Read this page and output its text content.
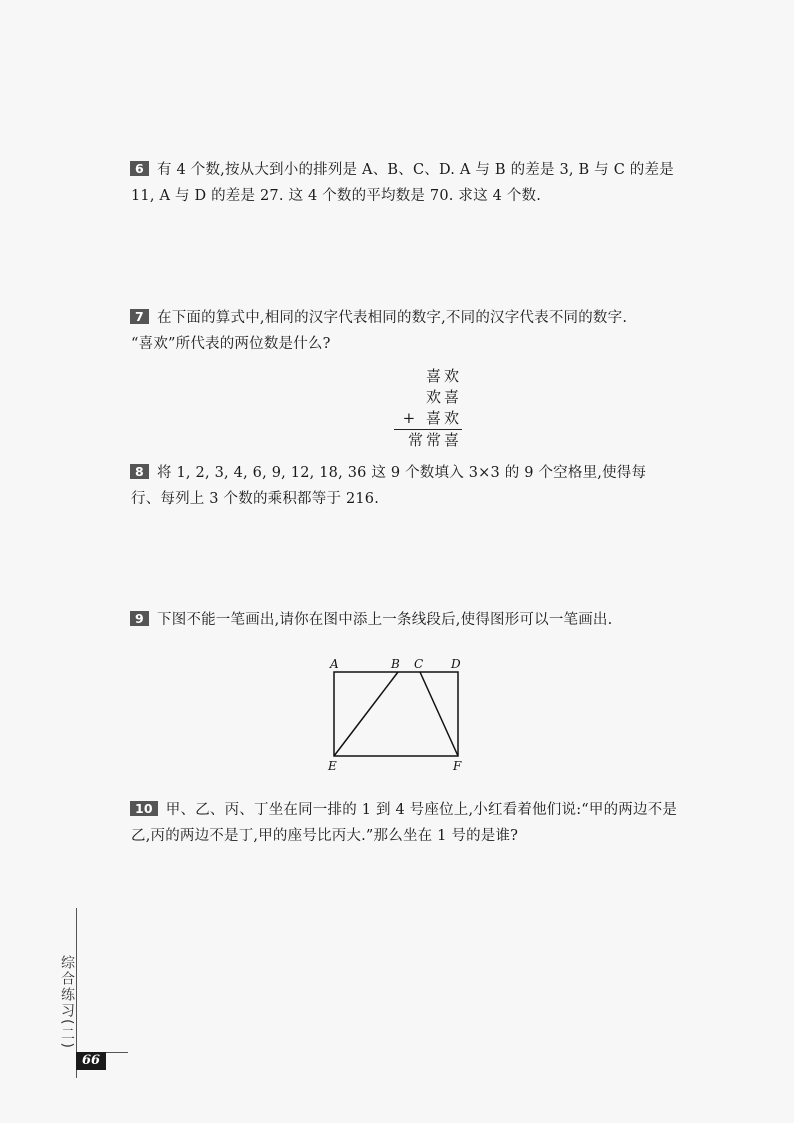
6 有 4 个数,按从大到小的排列是 A、B、C、D. A 与 B 的差是 3, B 与 C 的差是
11, A 与 D 的差是 27. 这 4 个数的平均数是 70. 求这 4 个数.
7 在下面的算式中,相同的汉字代表相同的数字,不同的汉字代表不同的数字.
“喜欢”所代表的两位数是什么?
喜欢
欢喜
+ 喜欢
常常喜
8 将 1, 2, 3, 4, 6, 9, 12, 18, 36 这 9 个数填入 3×3 的 9 个空格里,使得每
行、每列上 3 个数的乘积都等于 216.
9 下图不能一笔画出,请你在图中添上一条线段后,使得图形可以一笔画出.
A	B C D
E	F
10 甲、乙、丙、丁坐在同一排的 1 到 4 号座位上,小红看着他们说:“甲的两边不是
乙,丙的两边不是丁,甲的座号比丙大.”那么坐在 1 号的是谁?
综合练习(二)
66
